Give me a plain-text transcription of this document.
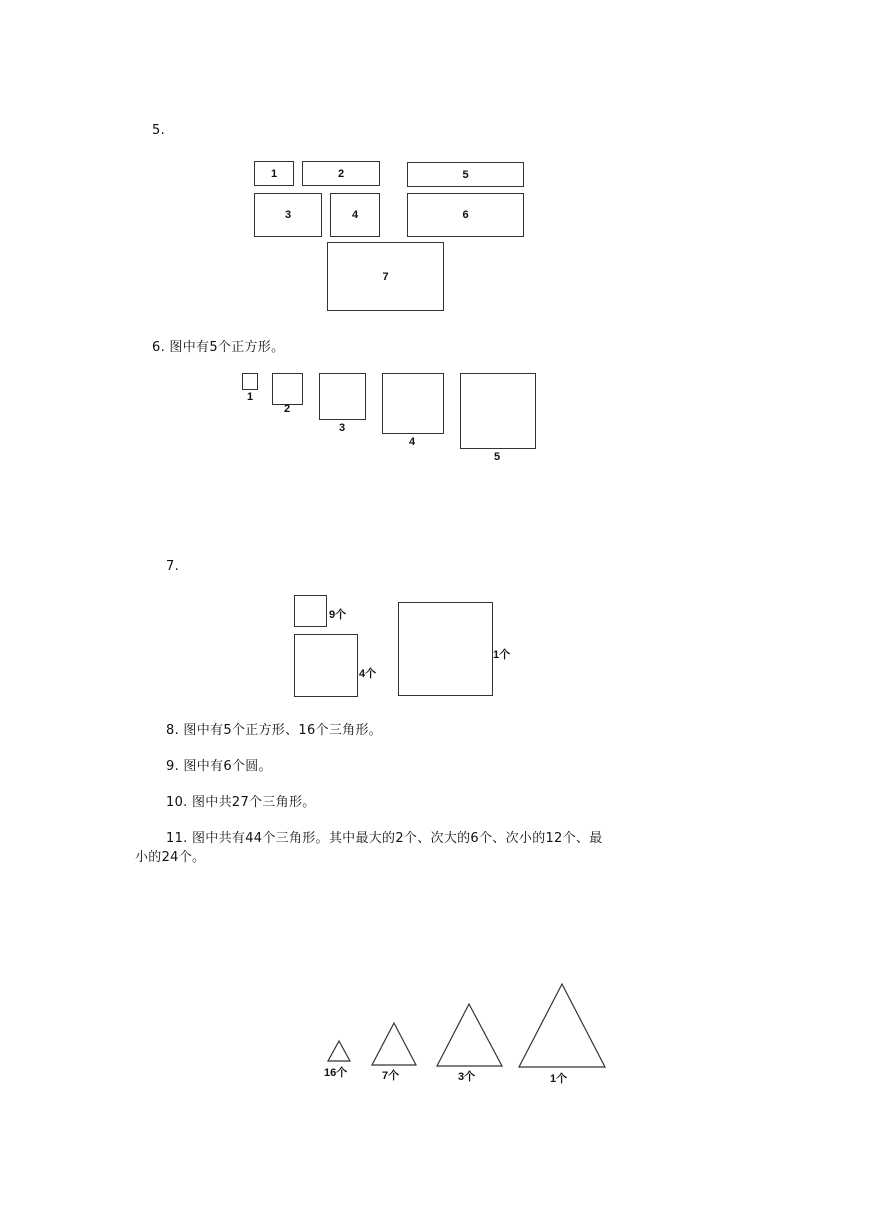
5.
1	2	5
3	4	6
7
6. 图中有5个正方形。
1
2
3
4
5
7.
9个
4个
1个
8. 图中有5个正方形、16个三角形。
9. 图中有6个圆。
10. 图中共27个三角形。
11. 图中共有44个三角形。其中最大的2个、次大的6个、次小的12个、最
小的24个。
16个	7个	3个	1个
